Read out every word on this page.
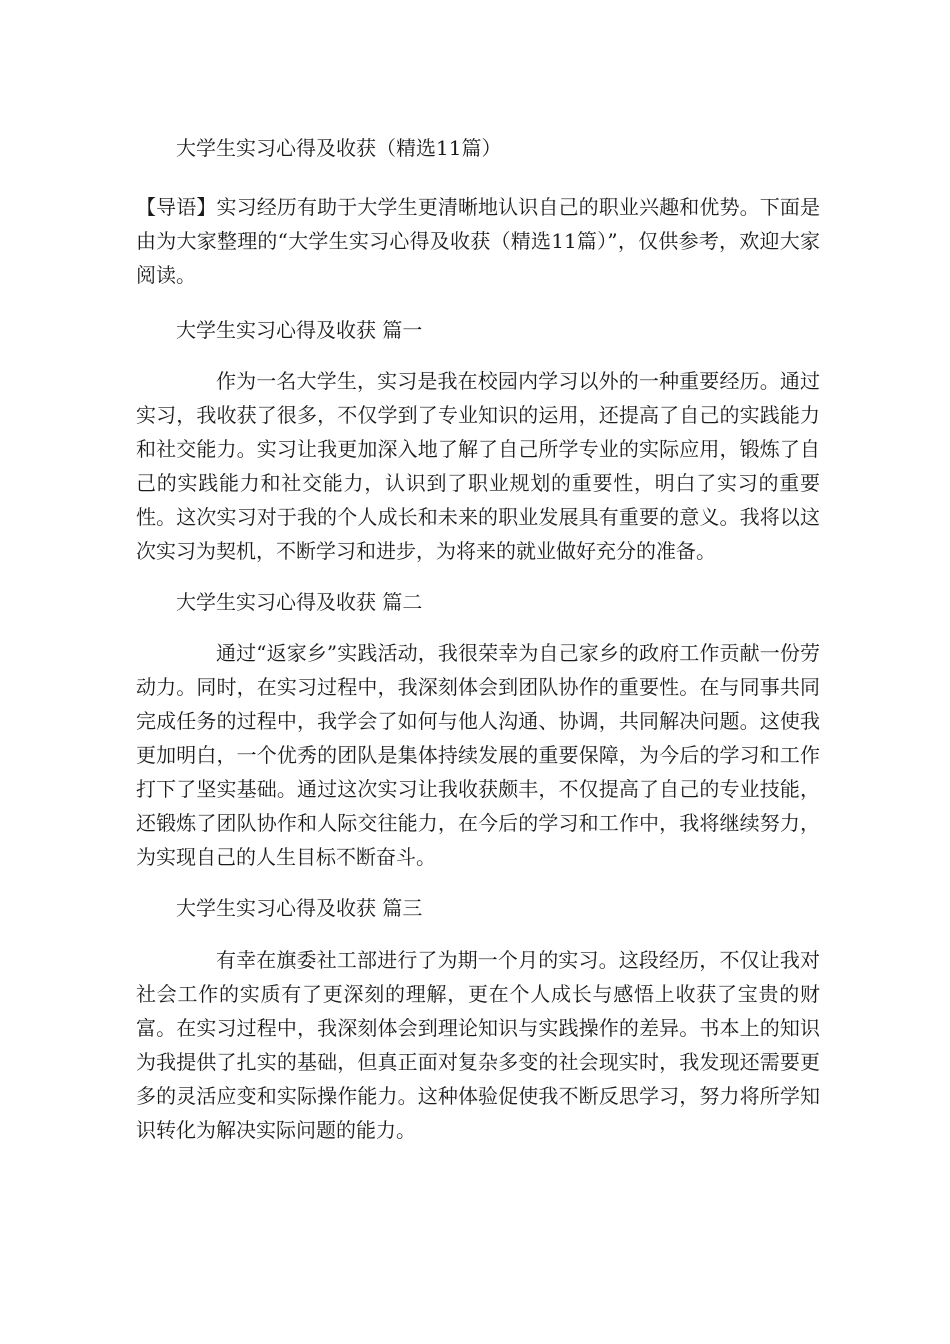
大学生实习心得及收获（精选11篇）

【导语】实习经历有助于大学生更清晰地认识自己的职业兴趣和优势。下面是由为大家整理的“大学生实习心得及收获（精选11篇）”，仅供参考，欢迎大家阅读。

大学生实习心得及收获 篇一

作为一名大学生，实习是我在校园内学习以外的一种重要经历。通过实习，我收获了很多，不仅学到了专业知识的运用，还提高了自己的实践能力和社交能力。实习让我更加深入地了解了自己所学专业的实际应用，锻炼了自己的实践能力和社交能力，认识到了职业规划的重要性，明白了实习的重要性。这次实习对于我的个人成长和未来的职业发展具有重要的意义。我将以这次实习为契机，不断学习和进步，为将来的就业做好充分的准备。

大学生实习心得及收获 篇二

通过“返家乡”实践活动，我很荣幸为自己家乡的政府工作贡献一份劳动力。同时，在实习过程中，我深刻体会到团队协作的重要性。在与同事共同完成任务的过程中，我学会了如何与他人沟通、协调，共同解决问题。这使我更加明白，一个优秀的团队是集体持续发展的重要保障，为今后的学习和工作打下了坚实基础。通过这次实习让我收获颇丰，不仅提高了自己的专业技能，还锻炼了团队协作和人际交往能力，在今后的学习和工作中，我将继续努力，为实现自己的人生目标不断奋斗。

大学生实习心得及收获 篇三

有幸在旗委社工部进行了为期一个月的实习。这段经历，不仅让我对社会工作的实质有了更深刻的理解，更在个人成长与感悟上收获了宝贵的财富。在实习过程中，我深刻体会到理论知识与实践操作的差异。书本上的知识为我提供了扎实的基础，但真正面对复杂多变的社会现实时，我发现还需要更多的灵活应变和实际操作能力。这种体验促使我不断反思学习，努力将所学知识转化为解决实际问题的能力。
